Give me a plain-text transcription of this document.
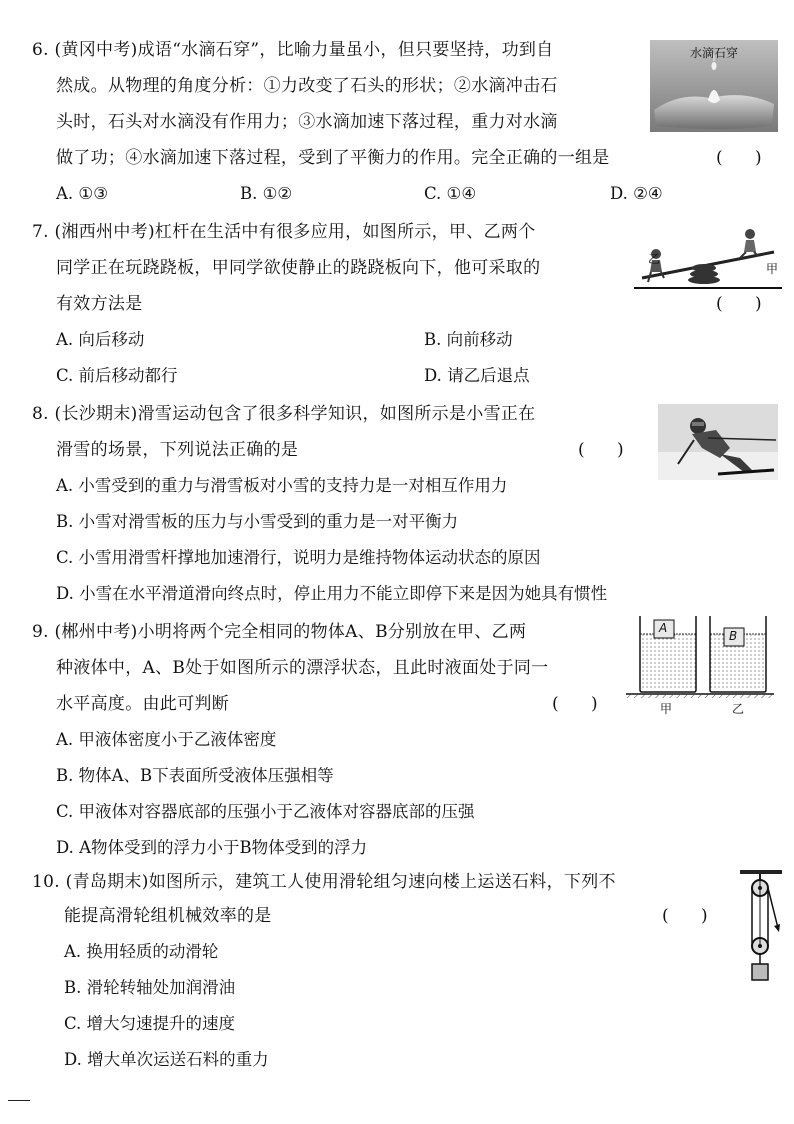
6. (黄冈中考)成语“水滴石穿”，比喻力量虽小，但只要坚持，功到自
然成。从物理的角度分析：①力改变了石头的形状；②水滴冲击石
头时，石头对水滴没有作用力；③水滴加速下落过程，重力对水滴
做了功；④水滴加速下落过程，受到了平衡力的作用。完全正确的一组是	(      )
A. ①③	B. ①②	C. ①④	D. ②④
水滴石穿
7. (湘西州中考)杠杆在生活中有很多应用，如图所示，甲、乙两个
同学正在玩跷跷板，甲同学欲使静止的跷跷板向下，他可采取的
有效方法是	(      )
A. 向后移动	B. 向前移动
C. 前后移动都行	D. 请乙后退点
乙
甲
8. (长沙期末)滑雪运动包含了很多科学知识，如图所示是小雪正在
滑雪的场景，下列说法正确的是	(      )
A. 小雪受到的重力与滑雪板对小雪的支持力是一对相互作用力
B. 小雪对滑雪板的压力与小雪受到的重力是一对平衡力
C. 小雪用滑雪杆撑地加速滑行，说明力是维持物体运动状态的原因
D. 小雪在水平滑道滑向终点时，停止用力不能立即停下来是因为她具有惯性
9. (郴州中考)小明将两个完全相同的物体A、B分别放在甲、乙两
种液体中，A、B处于如图所示的漂浮状态，且此时液面处于同一
水平高度。由此可判断	(      )
A. 甲液体密度小于乙液体密度
B. 物体A、B下表面所受液体压强相等
C. 甲液体对容器底部的压强小于乙液体对容器底部的压强
D. A物体受到的浮力小于B物体受到的浮力
A
B
甲	乙
10. (青岛期末)如图所示，建筑工人使用滑轮组匀速向楼上运送石料，下列不
能提高滑轮组机械效率的是	(      )
A. 换用轻质的动滑轮
B. 滑轮转轴处加润滑油
C. 增大匀速提升的速度
D. 增大单次运送石料的重力
